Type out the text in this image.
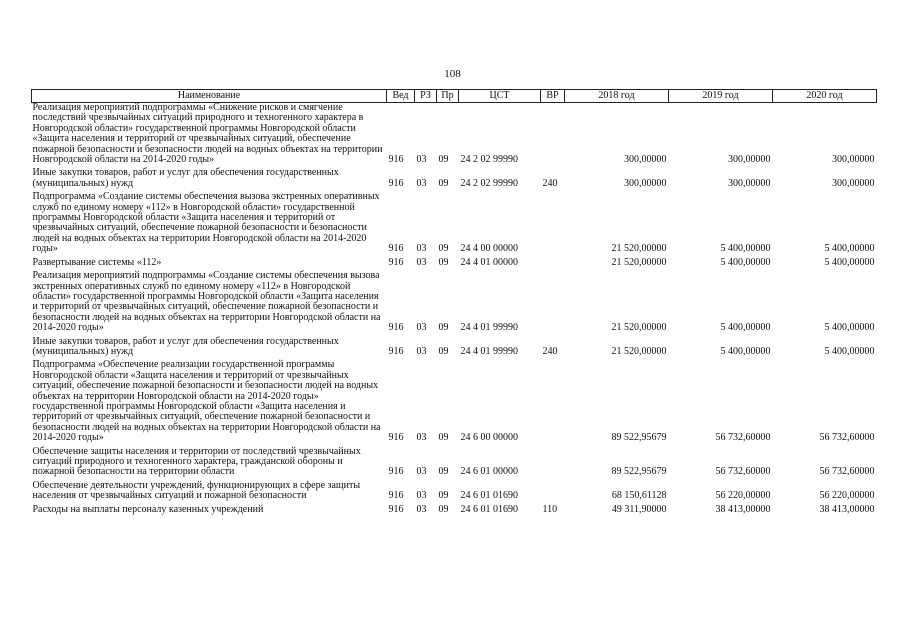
108
Наименование	Вед	РЗ	Пр	ЦСТ	ВР	2018 год	2019 год	2020 год
Реализация мероприятий подпрограммы «Снижение рисков и смягчение последствий чрезвычайных ситуаций природного и техногенного характера в Новгородской области» государственной программы Новгородской области «Защита населения и территорий от чрезвычайных ситуаций, обеспечение пожарной безопасности и безопасности людей на водных объектах на территории Новгородской области на 2014-2020 годы»	916	03	09	24 2 02 99990		300,00000	300,00000	300,00000
Иные закупки товаров, работ и услуг для обеспечения государственных (муниципальных) нужд	916	03	09	24 2 02 99990	240	300,00000	300,00000	300,00000
Подпрограмма «Создание системы обеспечения вызова экстренных оперативных служб по единому номеру «112» в Новгородской области» государственной программы Новгородской области «Защита населения и территорий от чрезвычайных ситуаций, обеспечение пожарной безопасности и безопасности людей на водных объектах на территории Новгородской области на 2014-2020 годы»	916	03	09	24 4 00 00000		21 520,00000	5 400,00000	5 400,00000
Развертывание системы «112»	916	03	09	24 4 01 00000		21 520,00000	5 400,00000	5 400,00000
Реализация мероприятий подпрограммы «Создание системы обеспечения вызова экстренных оперативных служб по единому номеру «112» в Новгородской области» государственной программы Новгородской области «Защита населения и территорий от чрезвычайных ситуаций, обеспечение пожарной безопасности и безопасности людей на водных объектах на территории Новгородской области на 2014-2020 годы»	916	03	09	24 4 01 99990		21 520,00000	5 400,00000	5 400,00000
Иные закупки товаров, работ и услуг для обеспечения государственных (муниципальных) нужд	916	03	09	24 4 01 99990	240	21 520,00000	5 400,00000	5 400,00000
Подпрограмма «Обеспечение реализации государственной программы Новгородской области «Защита населения и территорий от чрезвычайных ситуаций, обеспечение пожарной безопасности и безопасности людей на водных объектах на территории Новгородской области на 2014-2020 годы» государственной программы Новгородской области «Защита населения и территорий от чрезвычайных ситуаций, обеспечение пожарной безопасности и безопасности людей на водных объектах на территории Новгородской области на 2014-2020 годы»	916	03	09	24 6 00 00000		89 522,95679	56 732,60000	56 732,60000
Обеспечение защиты населения и территории от последствий чрезвычайных ситуаций природного и техногенного характера, гражданской обороны и пожарной безопасности на территории области	916	03	09	24 6 01 00000		89 522,95679	56 732,60000	56 732,60000
Обеспечение деятельности учреждений, функционирующих в сфере защиты населения от чрезвычайных ситуаций и пожарной безопасности	916	03	09	24 6 01 01690		68 150,61128	56 220,00000	56 220,00000
Расходы на выплаты персоналу казенных учреждений	916	03	09	24 6 01 01690	110	49 311,90000	38 413,00000	38 413,00000
